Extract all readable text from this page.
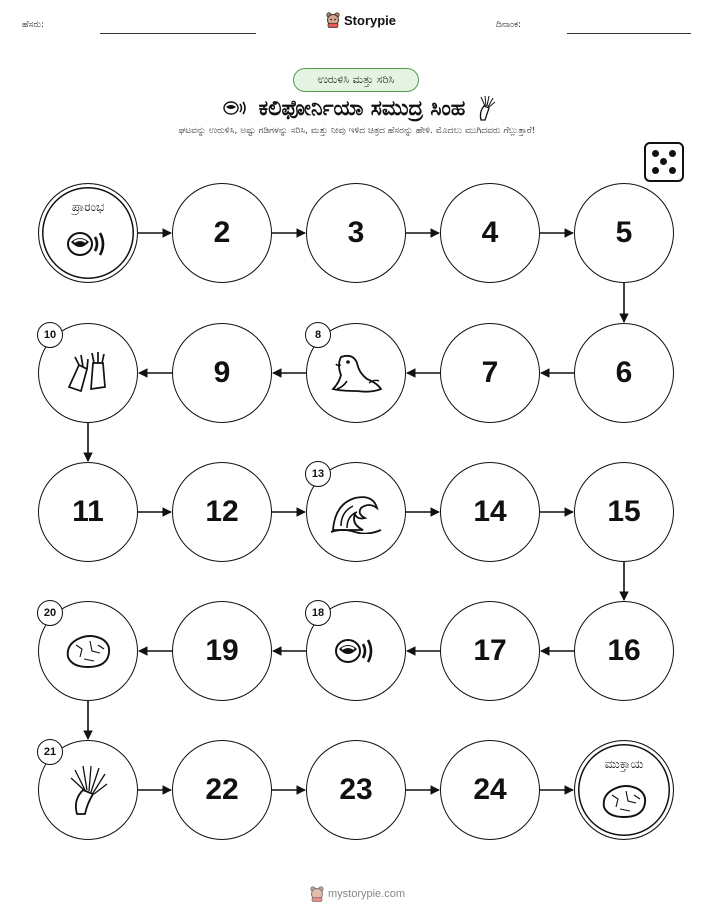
ಹೆಸರು:	Storypie	ದಿನಾಂಕ:
ಉರುಳಿಸಿ ಮತ್ತು ಸರಿಸಿ
ಕಲಿಫೋರ್ನಿಯಾ ಸಮುದ್ರ ಸಿಂಹ
ಘಟವನ್ನು ಉರುಳಿಸಿ, ಅಷ್ಟು ಗಡಿಗಳನ್ನು ಸರಿಸಿ, ಮತ್ತು ನೀವು ಇಳಿದ ಚಿತ್ರದ ಹೆಸರನ್ನು ಹೇಳಿ. ಮೊದಲು ಮುಗಿದವರು ಗೆಲ್ಲುತ್ತಾರೆ!
ಪ್ರಾರಂಭ
2	3	4	5
6
7
8
9
10
11	12
13
14	15
16
17
18
19
20
21
22	23	24
ಮುಕ್ತಾಯ
mystorypie.com
